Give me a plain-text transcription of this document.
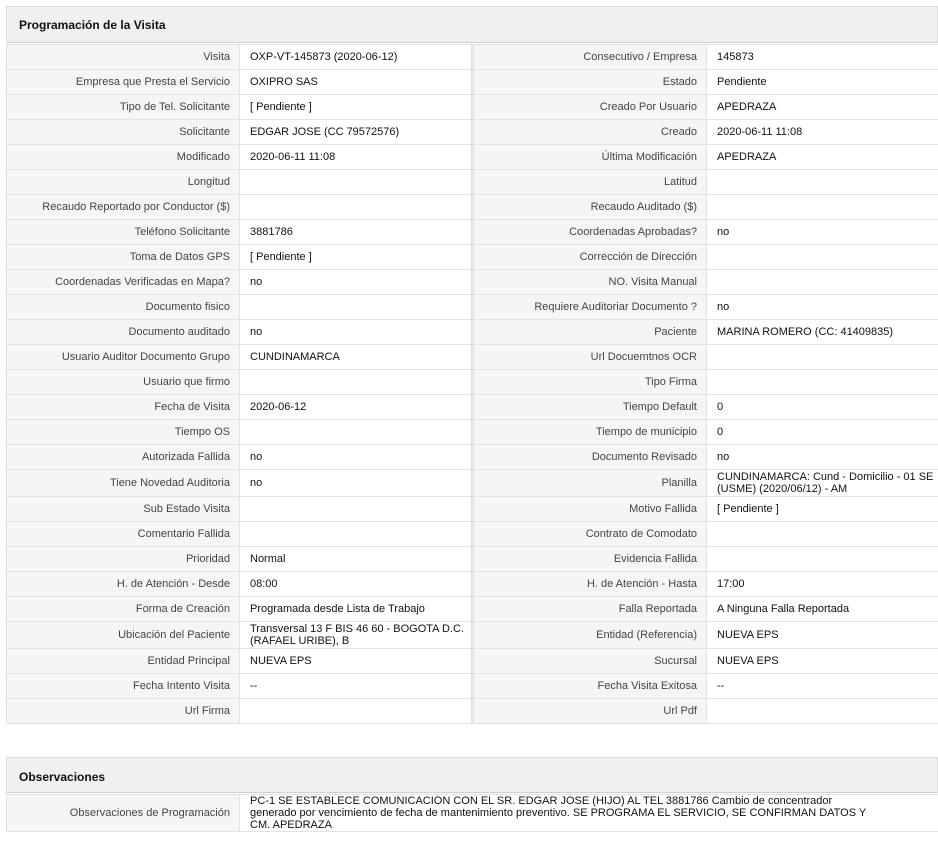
Programación de la Visita
Visita	OXP-VT-145873 (2020-06-12)		Consecutivo / Empresa	145873
Empresa que Presta el Servicio	OXIPRO SAS		Estado	Pendiente
Tipo de Tel. Solicitante	[ Pendiente ]		Creado Por Usuario	APEDRAZA
Solicitante	EDGAR JOSE (CC 79572576)		Creado	2020-06-11 11:08
Modificado	2020-06-11 11:08		Última Modificación	APEDRAZA
Longitud			Latitud	
Recaudo Reportado por Conductor ($)			Recaudo Auditado ($)	
Teléfono Solicitante	3881786		Coordenadas Aprobadas?	no
Toma de Datos GPS	[ Pendiente ]		Corrección de Dirección	
Coordenadas Verificadas en Mapa?	no		NO. Visita Manual	
Documento fisico			Requiere Auditoriar Documento ?	no
Documento auditado	no		Paciente	MARINA ROMERO (CC: 41409835)
Usuario Auditor Documento Grupo	CUNDINAMARCA		Url Docuemtnos OCR	
Usuario que firmo			Tipo Firma	
Fecha de Visita	2020-06-12		Tiempo Default	0
Tiempo OS			Tiempo de municipio	0
Autorizada Fallida	no		Documento Revisado	no
Tiene Novedad Auditoria	no		Planilla	CUNDINAMARCA: Cund - Domicilio - 01 SE (USME) (2020/06/12) - AM
Sub Estado Visita			Motivo Fallida	[ Pendiente ]
Comentario Fallida			Contrato de Comodato	
Prioridad	Normal		Evidencia Fallida	
H. de Atención - Desde	08:00		H. de Atención - Hasta	17:00
Forma de Creación	Programada desde Lista de Trabajo		Falla Reportada	A Ninguna Falla Reportada
Ubicación del Paciente	Transversal 13 F BIS 46 60 - BOGOTA D.C. (RAFAEL URIBE), B		Entidad (Referencia)	NUEVA EPS
Entidad Principal	NUEVA EPS		Sucursal	NUEVA EPS
Fecha Intento Visita	--		Fecha Visita Exitosa	--
Url Firma			Url Pdf	
Observaciones
Observaciones de Programación	PC-1 SE ESTABLECE COMUNICACIÓN CON EL SR. EDGAR JOSE (HIJO) AL TEL 3881786 Cambio de concentrador generado por vencimiento de fecha de mantenimiento preventivo. SE PROGRAMA EL SERVICIO, SE CONFIRMAN DATOS Y CM. APEDRAZA
